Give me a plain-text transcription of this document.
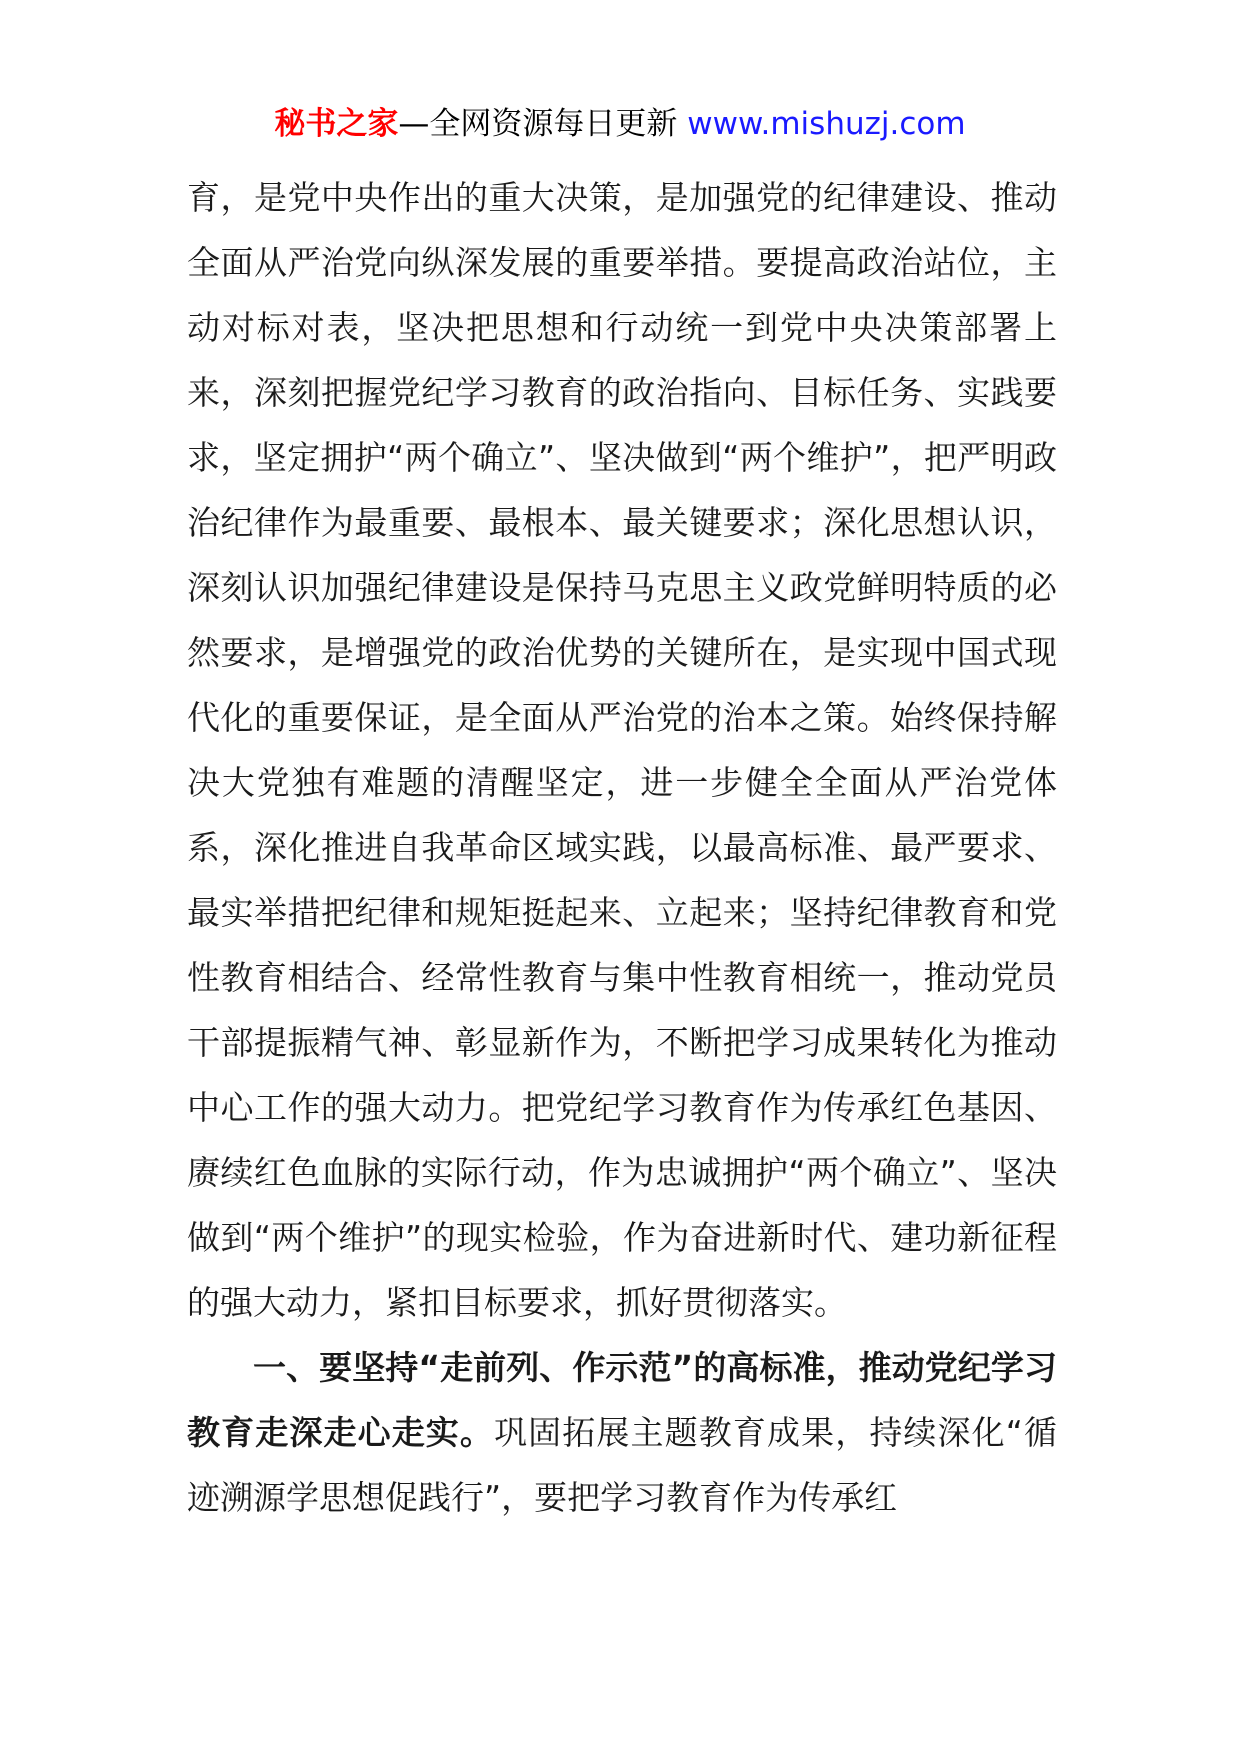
秘书之家—全网资源每日更新 www.mishuzj.com

育，是党中央作出的重大决策，是加强党的纪律建设、推动全面从严治党向纵深发展的重要举措。要提高政治站位，主动对标对表，坚决把思想和行动统一到党中央决策部署上来，深刻把握党纪学习教育的政治指向、目标任务、实践要求，坚定拥护“两个确立”、坚决做到“两个维护”，把严明政治纪律作为最重要、最根本、最关键要求；深化思想认识，深刻认识加强纪律建设是保持马克思主义政党鲜明特质的必然要求，是增强党的政治优势的关键所在，是实现中国式现代化的重要保证，是全面从严治党的治本之策。始终保持解决大党独有难题的清醒坚定，进一步健全全面从严治党体系，深化推进自我革命区域实践，以最高标准、最严要求、最实举措把纪律和规矩挺起来、立起来；坚持纪律教育和党性教育相结合、经常性教育与集中性教育相统一，推动党员干部提振精气神、彰显新作为，不断把学习成果转化为推动中心工作的强大动力。把党纪学习教育作为传承红色基因、赓续红色血脉的实际行动，作为忠诚拥护“两个确立”、坚决做到“两个维护”的现实检验，作为奋进新时代、建功新征程的强大动力，紧扣目标要求，抓好贯彻落实。

一、要坚持“走前列、作示范”的高标准，推动党纪学习教育走深走心走实。巩固拓展主题教育成果，持续深化“循迹溯源学思想促践行”，要把学习教育作为传承红
